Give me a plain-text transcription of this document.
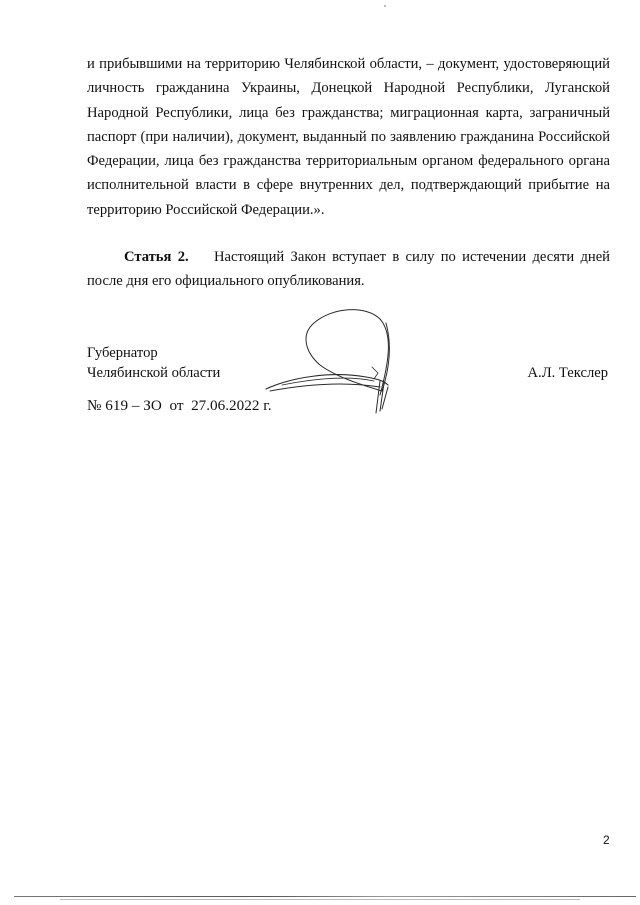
и прибывшими на территорию Челябинской области, – документ, удостоверяющий личность гражданина Украины, Донецкой Народной Республики, Луганской Народной Республики, лица без гражданства; миграционная карта, заграничный паспорт (при наличии), документ, выданный по заявлению гражданина Российской Федерации, лица без гражданства территориальным органом федерального органа исполнительной власти в сфере внутренних дел, подтверждающий прибытие на территорию Российской Федерации.».

Статья 2. Настоящий Закон вступает в силу по истечении десяти дней после дня его официального опубликования.

Губернатор
Челябинской области	А.Л. Текслер
№ 619 – ЗО от 27.06.2022 г.
2
